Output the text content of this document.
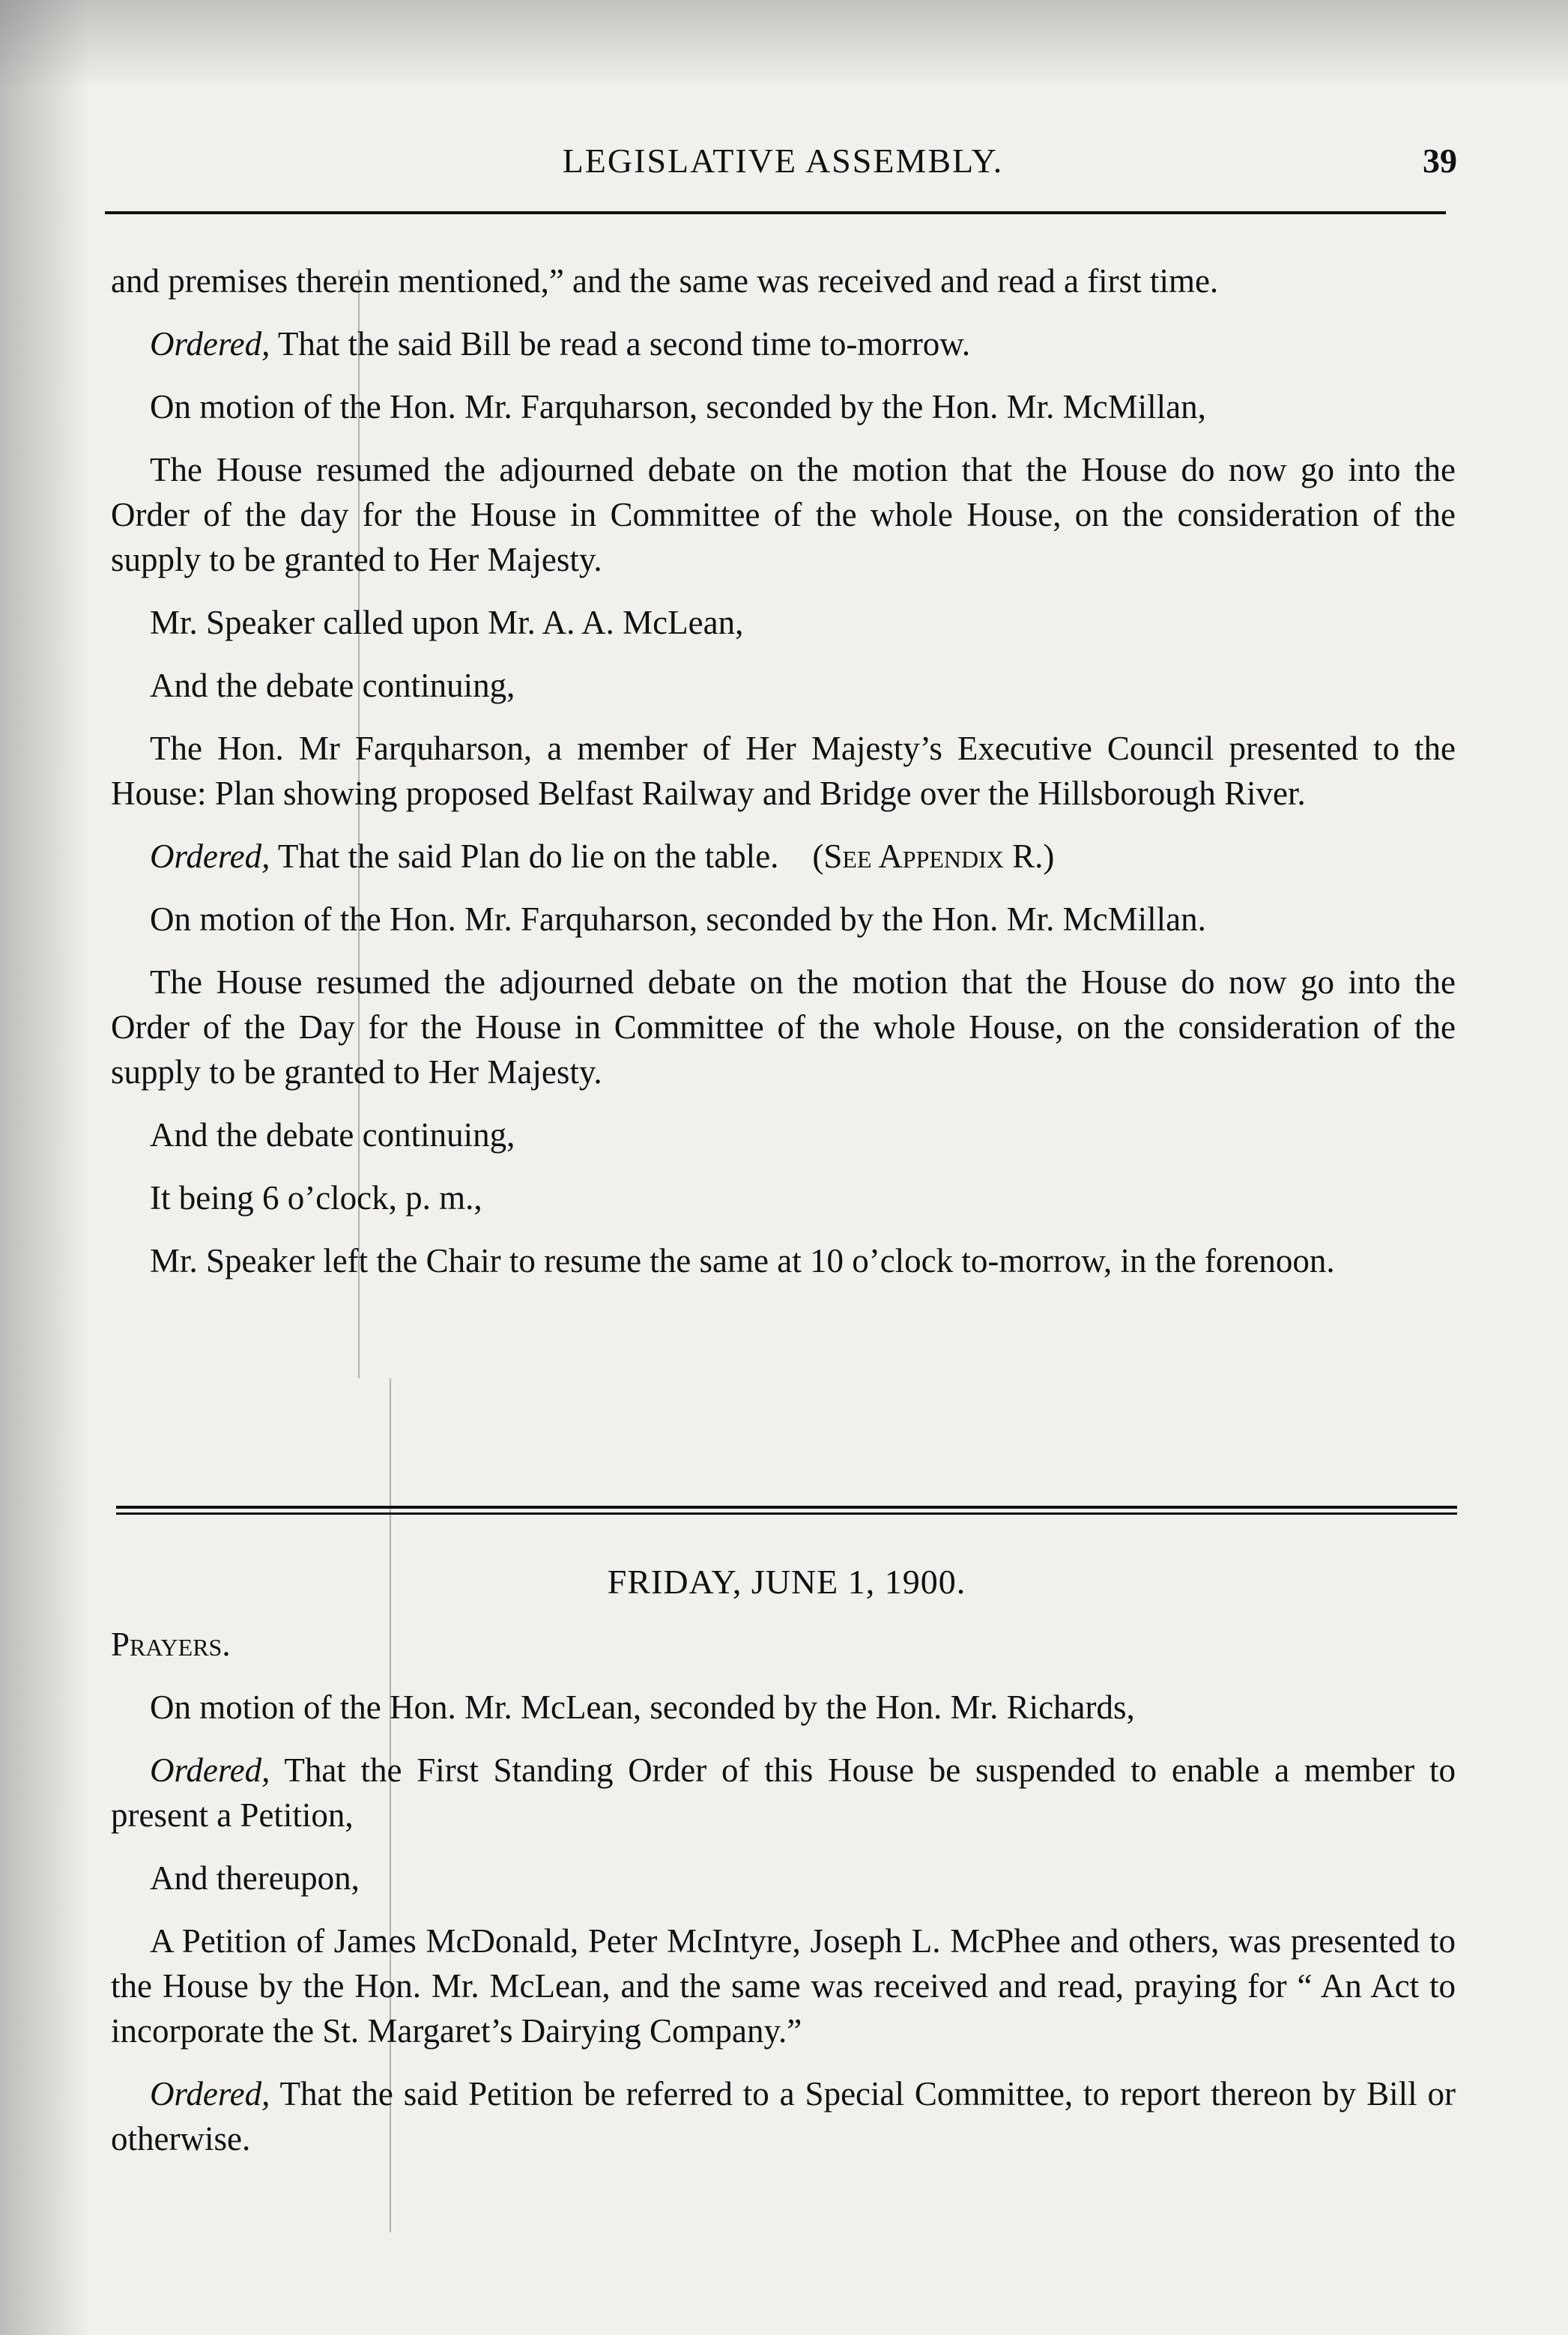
LEGISLATIVE ASSEMBLY.	39

and premises therein mentioned,” and the same was received and read a first time.

Ordered, That the said Bill be read a second time to-morrow.

On motion of the Hon. Mr. Farquharson, seconded by the Hon. Mr. McMillan,

The House resumed the adjourned debate on the motion that the House do now go into the Order of the day for the House in Committee of the whole House, on the consideration of the supply to be granted to Her Majesty.

Mr. Speaker called upon Mr. A. A. McLean,

And the debate continuing,

The Hon. Mr Farquharson, a member of Her Majesty’s Executive Council presented to the House: Plan showing proposed Belfast Railway and Bridge over the Hillsborough River.

Ordered, That the said Plan do lie on the table. (See Appendix R.)

On motion of the Hon. Mr. Farquharson, seconded by the Hon. Mr. McMillan.

The House resumed the adjourned debate on the motion that the House do now go into the Order of the Day for the House in Committee of the whole House, on the consideration of the supply to be granted to Her Majesty.

And the debate continuing,

It being 6 o’clock, p. m.,

Mr. Speaker left the Chair to resume the same at 10 o’clock to-morrow, in the forenoon.

FRIDAY, JUNE 1, 1900.

Prayers.

On motion of the Hon. Mr. McLean, seconded by the Hon. Mr. Richards,

Ordered, That the First Standing Order of this House be suspended to enable a member to present a Petition,

And thereupon,

A Petition of James McDonald, Peter McIntyre, Joseph L. McPhee and others, was presented to the House by the Hon. Mr. McLean, and the same was received and read, praying for “ An Act to incorporate the St. Margaret’s Dairying Company.”

Ordered, That the said Petition be referred to a Special Committee, to report thereon by Bill or otherwise.
